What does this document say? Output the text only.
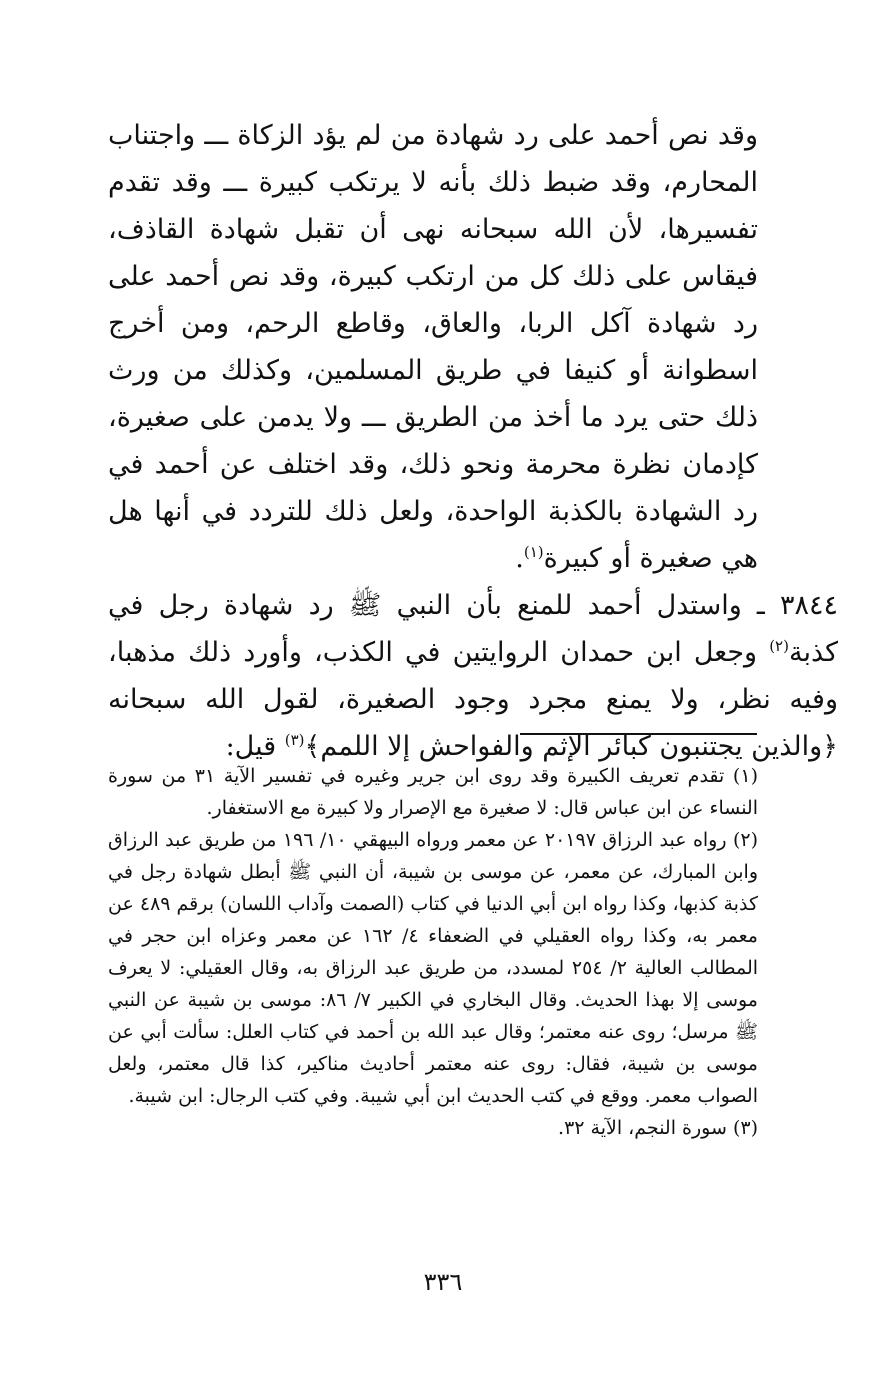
وقد نص أحمد على رد شهادة من لم يؤد الزكاة ـــ واجتناب المحارم، وقد ضبط ذلك بأنه لا يرتكب كبيرة ـــ وقد تقدم تفسيرها، لأن الله سبحانه نهى أن تقبل شهادة القاذف، فيقاس على ذلك كل من ارتكب كبيرة، وقد نص أحمد على رد شهادة آكل الربا، والعاق، وقاطع الرحم، ومن أخرج اسطوانة أو كنيفا في طريق المسلمين، وكذلك من ورث ذلك حتى يرد ما أخذ من الطريق ـــ ولا يدمن على صغيرة، كإدمان نظرة محرمة ونحو ذلك، وقد اختلف عن أحمد في رد الشهادة بالكذبة الواحدة، ولعل ذلك للتردد في أنها هل هي صغيرة أو كبيرة$^{(١)}$.

٣٨٤٤ ـ واستدل أحمد للمنع بأن النبي ﷺ رد شهادة رجل في كذبة$^{(٢)}$ وجعل ابن حمدان الروايتين في الكذب، وأورد ذلك مذهبا، وفيه نظر، ولا يمنع مجرد وجود الصغيرة، لقول الله سبحانه ﴿والذين يجتنبون كبائر الإثم والفواحش إلا اللمم﴾$^{(٣)}$ قيل:

(١) تقدم تعريف الكبيرة وقد روى ابن جرير وغيره في تفسير الآية ٣١ من سورة النساء عن ابن عباس قال: لا صغيرة مع الإصرار ولا كبيرة مع الاستغفار.

(٢) رواه عبد الرزاق ٢٠١٩٧ عن معمر ورواه البيهقي ١٠/ ١٩٦ من طريق عبد الرزاق وابن المبارك، عن معمر، عن موسى بن شيبة، أن النبي ﷺ أبطل شهادة رجل في كذبة كذبها، وكذا رواه ابن أبي الدنيا في كتاب (الصمت وآداب اللسان) برقم ٤٨٩ عن معمر به، وكذا رواه العقيلي في الضعفاء ٤/ ١٦٢ عن معمر وعزاه ابن حجر في المطالب العالية ٢/ ٢٥٤ لمسدد، من طريق عبد الرزاق به، وقال العقيلي: لا يعرف موسى إلا بهذا الحديث. وقال البخاري في الكبير ٧/ ٨٦: موسى بن شيبة عن النبي ﷺ مرسل؛ روى عنه معتمر؛ وقال عبد الله بن أحمد في كتاب العلل: سألت أبي عن موسى بن شيبة، فقال: روى عنه معتمر أحاديث مناكير، كذا قال معتمر، ولعل الصواب معمر. ووقع في كتب الحديث ابن أبي شيبة. وفي كتب الرجال: ابن شيبة.

(٣) سورة النجم، الآية ٣٢.

٣٣٦
